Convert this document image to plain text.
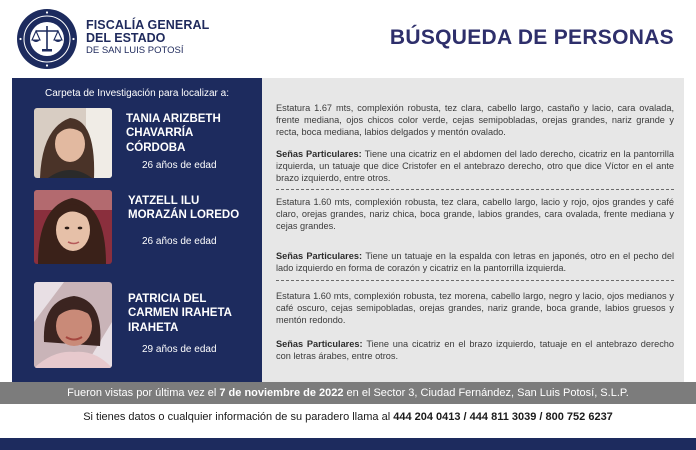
FISCALÍA GENERAL
DEL ESTADO
DE SAN LUIS POTOSÍ
BÚSQUEDA DE PERSONAS
Carpeta de Investigación para localizar a:
TANIA ARIZBETH
CHAVARRÍA
CÓRDOBA
26 años de edad
YATZELL ILU
MORAZÁN LOREDO
26 años de edad
PATRICIA DEL
CARMEN IRAHETA
IRAHETA
29 años de edad
Estatura 1.67 mts, complexión robusta, tez clara, cabello largo, castaño y lacio, cara ovalada, frente mediana, ojos chicos color verde, cejas semipobladas, orejas grandes, nariz grande y recta, boca mediana, labios delgados y mentón ovalado.
Señas Particulares: Tiene una cicatriz en el abdomen del lado derecho, cicatriz en la pantorrilla izquierda, un tatuaje que dice Cristofer en el antebrazo derecho, otro que dice Víctor en el ante brazo izquierdo, entre otros.
Estatura 1.60 mts, complexión robusta, tez clara, cabello largo, lacio y rojo, ojos grandes y café claro, orejas grandes, nariz chica, boca grande, labios grandes, cara ovalada, frente mediana y cejas grandes.
Señas Particulares: Tiene un tatuaje en la espalda con letras en japonés, otro en el pecho del lado izquierdo en forma de corazón y cicatriz en la pantorrilla izquierda.
Estatura 1.60 mts, complexión robusta, tez morena, cabello largo, negro y lacio, ojos medianos y café oscuro, cejas semipobladas, orejas grandes, nariz grande, boca grande, labios gruesos y mentón redondo.
Señas Particulares: Tiene una cicatriz en el brazo izquierdo, tatuaje en el antebrazo derecho con letras árabes, entre otros.
Fueron vistas por última vez el 7 de noviembre de 2022 en el Sector 3, Ciudad Fernández, San Luis Potosí, S.L.P.
Si tienes datos o cualquier información de su paradero llama al 444 204 0413 / 444 811 3039 / 800 752 6237
